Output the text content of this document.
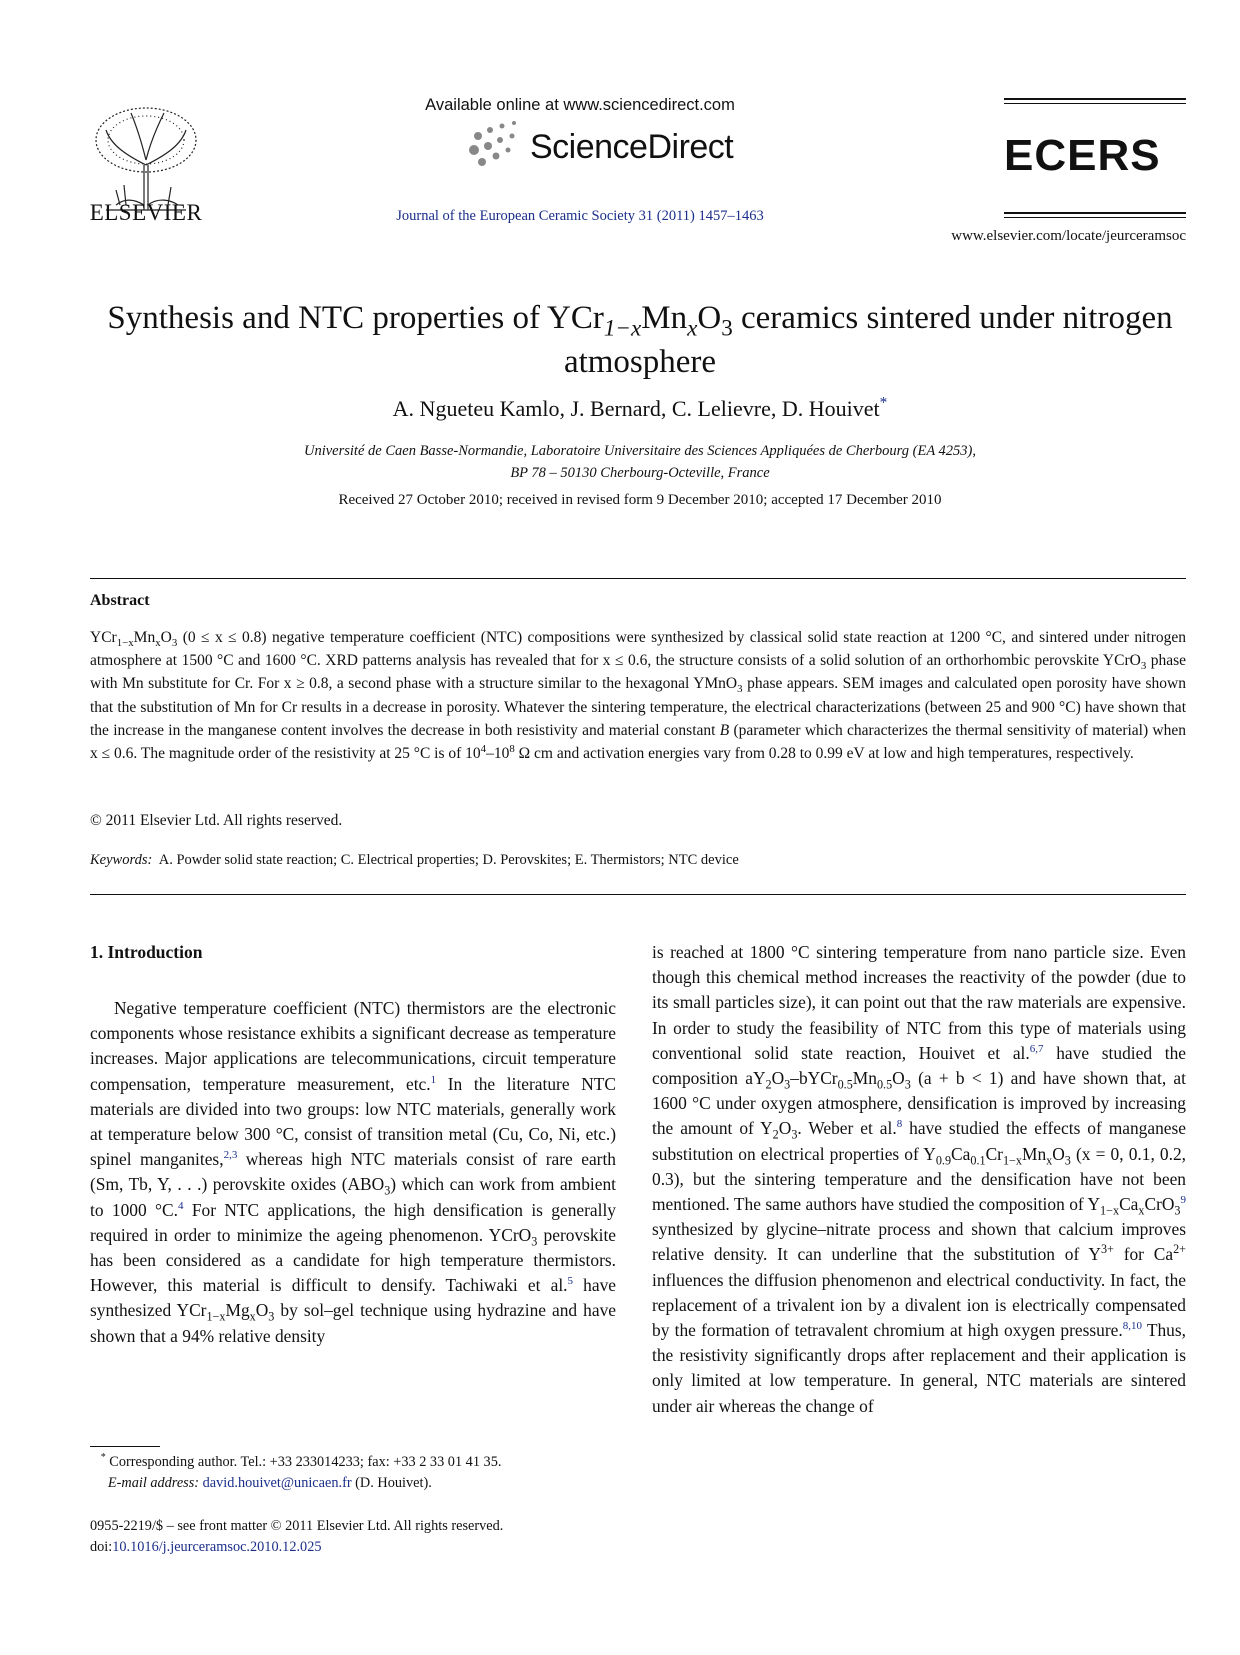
ELSEVIER
Available online at www.sciencedirect.com
ScienceDirect
Journal of the European Ceramic Society 31 (2011) 1457–1463
ECERS
www.elsevier.com/locate/jeurceramsoc
Synthesis and NTC properties of $YCr_{1-x}Mn_xO_3$ ceramics sintered under nitrogen atmosphere
A. Ngueteu Kamlo, J. Bernard, C. Lelievre, D. Houivet*
Université de Caen Basse-Normandie, Laboratoire Universitaire des Sciences Appliquées de Cherbourg (EA 4253),
BP 78 – 50130 Cherbourg-Octeville, France
Received 27 October 2010; received in revised form 9 December 2010; accepted 17 December 2010
Abstract
$YCr_{1-x}Mn_xO_3$ (0 ≤ x ≤ 0.8) negative temperature coefficient (NTC) compositions were synthesized by classical solid state reaction at 1200 °C, and sintered under nitrogen atmosphere at 1500 °C and 1600 °C. XRD patterns analysis has revealed that for x ≤ 0.6, the structure consists of a solid solution of an orthorhombic perovskite YCrO$_3$ phase with Mn substitute for Cr. For x ≥ 0.8, a second phase with a structure similar to the hexagonal YMnO$_3$ phase appears. SEM images and calculated open porosity have shown that the substitution of Mn for Cr results in a decrease in porosity. Whatever the sintering temperature, the electrical characterizations (between 25 and 900 °C) have shown that the increase in the manganese content involves the decrease in both resistivity and material constant B (parameter which characterizes the thermal sensitivity of material) when x ≤ 0.6. The magnitude order of the resistivity at 25 °C is of $10^4-10^8$ Ω cm and activation energies vary from 0.28 to 0.99 eV at low and high temperatures, respectively.
© 2011 Elsevier Ltd. All rights reserved.
Keywords: A. Powder solid state reaction; C. Electrical properties; D. Perovskites; E. Thermistors; NTC device
1. Introduction
Negative temperature coefficient (NTC) thermistors are the electronic components whose resistance exhibits a significant decrease as temperature increases. Major applications are telecommunications, circuit temperature compensation, temperature measurement, etc.$^1$ In the literature NTC materials are divided into two groups: low NTC materials, generally work at temperature below 300 °C, consist of transition metal (Cu, Co, Ni, etc.) spinel manganites,$^{2,3}$ whereas high NTC materials consist of rare earth (Sm, Tb, Y, . . .) perovskite oxides $(ABO_3)$ which can work from ambient to 1000 °C.$^4$ For NTC applications, the high densification is generally required in order to minimize the ageing phenomenon. YCrO$_3$ perovskite has been considered as a candidate for high temperature thermistors. However, this material is difficult to densify. Tachiwaki et al.$^5$ have synthesized $YCr_{1-x}Mg_xO_3$ by sol–gel technique using hydrazine and have shown that a 94% relative density
is reached at 1800 °C sintering temperature from nano particle size. Even though this chemical method increases the reactivity of the powder (due to its small particles size), it can point out that the raw materials are expensive. In order to study the feasibility of NTC from this type of materials using conventional solid state reaction, Houivet et al.$^{6,7}$ have studied the composition $aY_2O_3-bYCr_{0.5}Mn_{0.5}O_3$ (a + b < 1) and have shown that, at 1600 °C under oxygen atmosphere, densification is improved by increasing the amount of $Y_2O_3$. Weber et al.$^8$ have studied the effects of manganese substitution on electrical properties of $Y_{0.9}Ca_{0.1}Cr_{1-x}Mn_xO_3$ (x = 0, 0.1, 0.2, 0.3), but the sintering temperature and the densification have not been mentioned. The same authors have studied the composition of $Y_{1-x}Ca_xCrO_3^9$ synthesized by glycine–nitrate process and shown that calcium improves relative density. It can underline that the substitution of $Y^{3+}$ for $Ca^{2+}$ influences the diffusion phenomenon and electrical conductivity. In fact, the replacement of a trivalent ion by a divalent ion is electrically compensated by the formation of tetravalent chromium at high oxygen pressure.$^{8,10}$ Thus, the resistivity significantly drops after replacement and their application is only limited at low temperature. In general, NTC materials are sintered under air whereas the change of
* Corresponding author. Tel.: +33 233014233; fax: +33 2 33 01 41 35.
E-mail address: david.houivet@unicaen.fr (D. Houivet).
0955-2219/$ – see front matter © 2011 Elsevier Ltd. All rights reserved.
doi:10.1016/j.jeurceramsoc.2010.12.025
